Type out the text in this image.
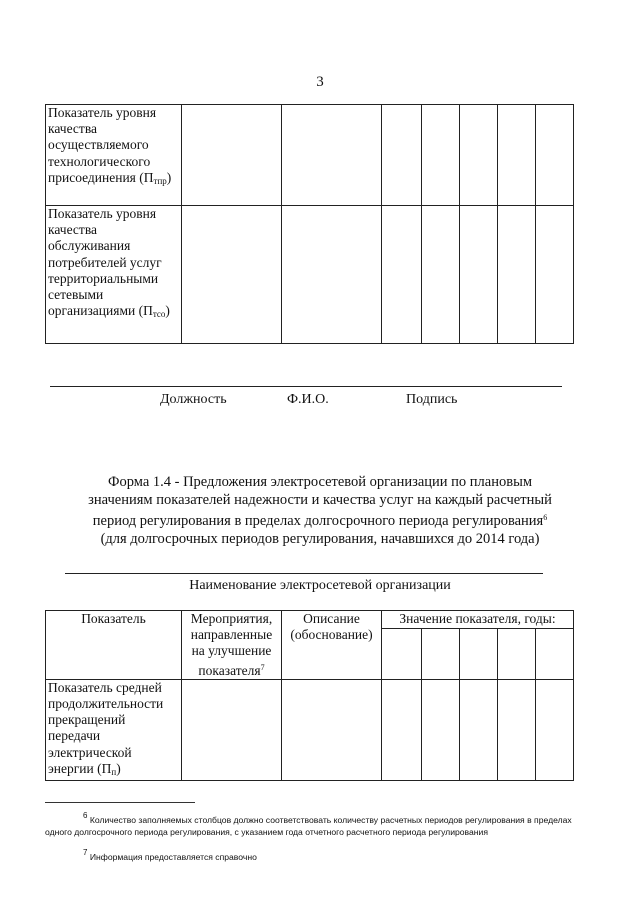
3
Показатель уровня качества осуществляемого технологического присоединения $(П_{тпр})$							
Показатель уровня качества обслуживания потребителей услуг территориальными сетевыми организациями $(П_{тсо})$							
Должность	Ф.И.О.	Подпись
Форма 1.4 - Предложения электросетевой организации по плановым
значениям показателей надежности и качества услуг на каждый расчетный
период регулирования в пределах долгосрочного периода регулирования$^6$
(для долгосрочных периодов регулирования, начавшихся до 2014 года)
Наименование электросетевой организации
Показатель	Мероприятия, направленные на улучшение показателя$^7$	Описание (обоснование)	Значение показателя, годы:				

Показатель средней продолжительности прекращений передачи электрической энергии $(П_п)$							
6 Количество заполняемых столбцов должно соответствовать количеству расчетных периодов регулирования в пределах одного долгосрочного периода регулирования, с указанием года отчетного расчетного периода регулирования
7 Информация предоставляется справочно
